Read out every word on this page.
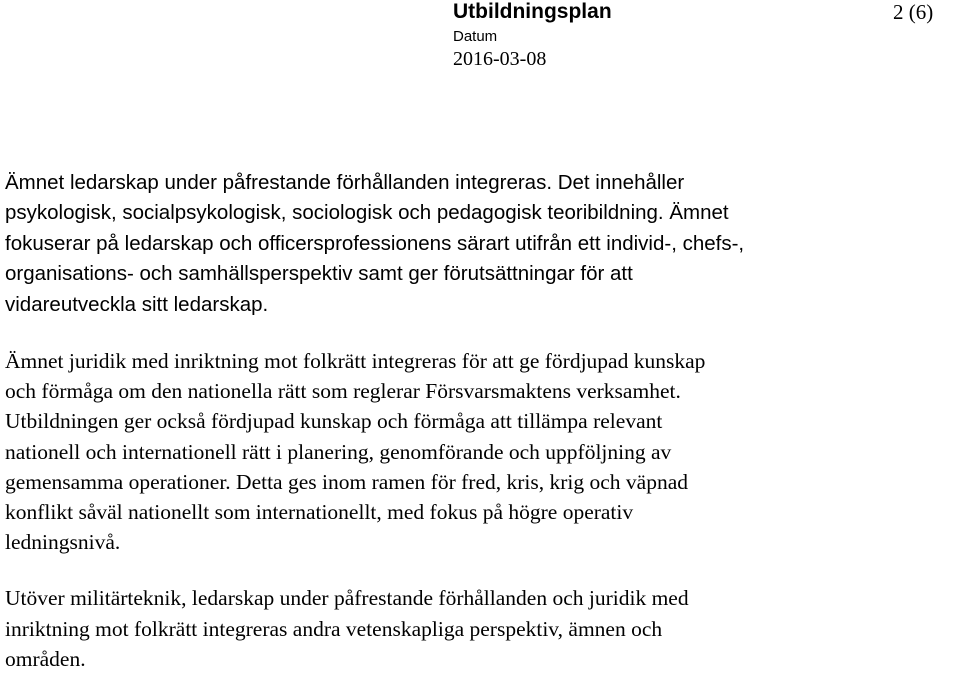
Utbildningsplan	2 (6)
Datum
2016-03-08

Ämnet ledarskap under påfrestande förhållanden integreras. Det innehåller
psykologisk, socialpsykologisk, sociologisk och pedagogisk teoribildning. Ämnet
fokuserar på ledarskap och officersprofessionens särart utifrån ett individ-, chefs-,
organisations- och samhällsperspektiv samt ger förutsättningar för att
vidareutveckla sitt ledarskap.

Ämnet juridik med inriktning mot folkrätt integreras för att ge fördjupad kunskap
och förmåga om den nationella rätt som reglerar Försvarsmaktens verksamhet.
Utbildningen ger också fördjupad kunskap och förmåga att tillämpa relevant
nationell och internationell rätt i planering, genomförande och uppföljning av
gemensamma operationer. Detta ges inom ramen för fred, kris, krig och väpnad
konflikt såväl nationellt som internationellt, med fokus på högre operativ
ledningsnivå.

Utöver militärteknik, ledarskap under påfrestande förhållanden och juridik med
inriktning mot folkrätt integreras andra vetenskapliga perspektiv, ämnen och
områden.
